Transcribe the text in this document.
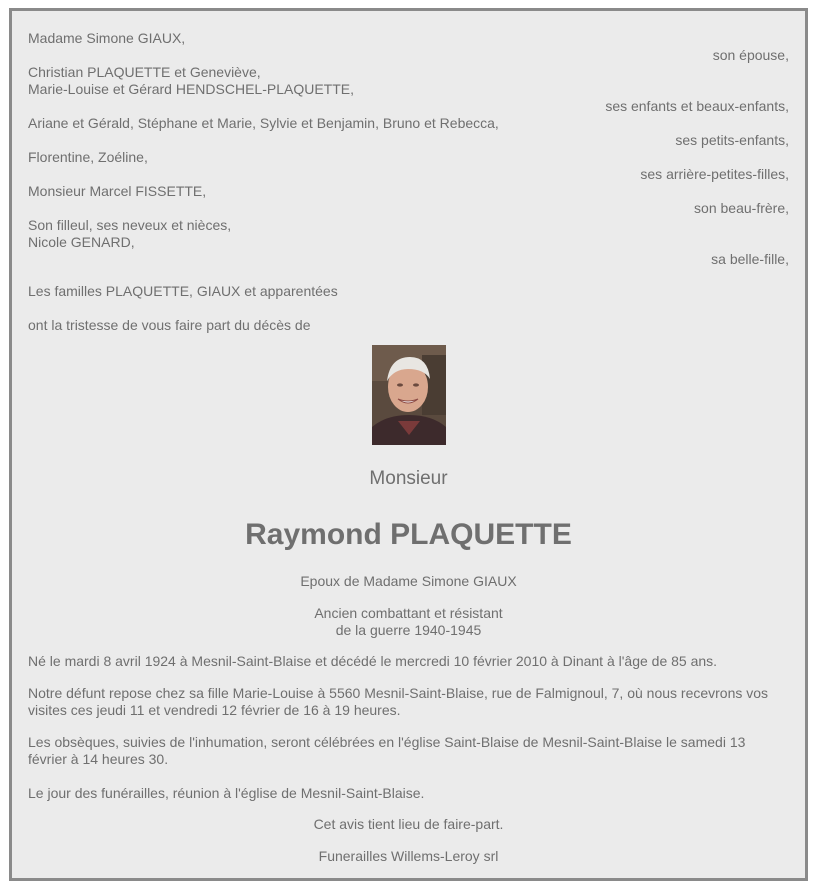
Madame Simone GIAUX,
son épouse,
Christian PLAQUETTE et Geneviève,
Marie-Louise et Gérard HENDSCHEL-PLAQUETTE,
ses enfants et beaux-enfants,
Ariane et Gérald, Stéphane et Marie, Sylvie et Benjamin, Bruno et Rebecca,
ses petits-enfants,
Florentine, Zoéline,
ses arrière-petites-filles,
Monsieur Marcel FISSETTE,
son beau-frère,
Son filleul, ses neveux et nièces,
Nicole GENARD,
sa belle-fille,
Les familles PLAQUETTE, GIAUX et apparentées
ont la tristesse de vous faire part du décès de
Monsieur
Raymond PLAQUETTE
Epoux de Madame Simone GIAUX
Ancien combattant et résistant
de la guerre 1940-1945
Né le mardi 8 avril 1924 à Mesnil-Saint-Blaise et décédé le mercredi 10 février 2010 à Dinant à l'âge de 85 ans.
Notre défunt repose chez sa fille Marie-Louise à 5560 Mesnil-Saint-Blaise, rue de Falmignoul, 7, où nous recevrons vos visites ces jeudi 11 et vendredi 12 février de 16 à 19 heures.
Les obsèques, suivies de l'inhumation, seront célébrées en l'église Saint-Blaise de Mesnil-Saint-Blaise le samedi 13 février à 14 heures 30.
Le jour des funérailles, réunion à l'église de Mesnil-Saint-Blaise.
Cet avis tient lieu de faire-part.
Funerailles Willems-Leroy srl
